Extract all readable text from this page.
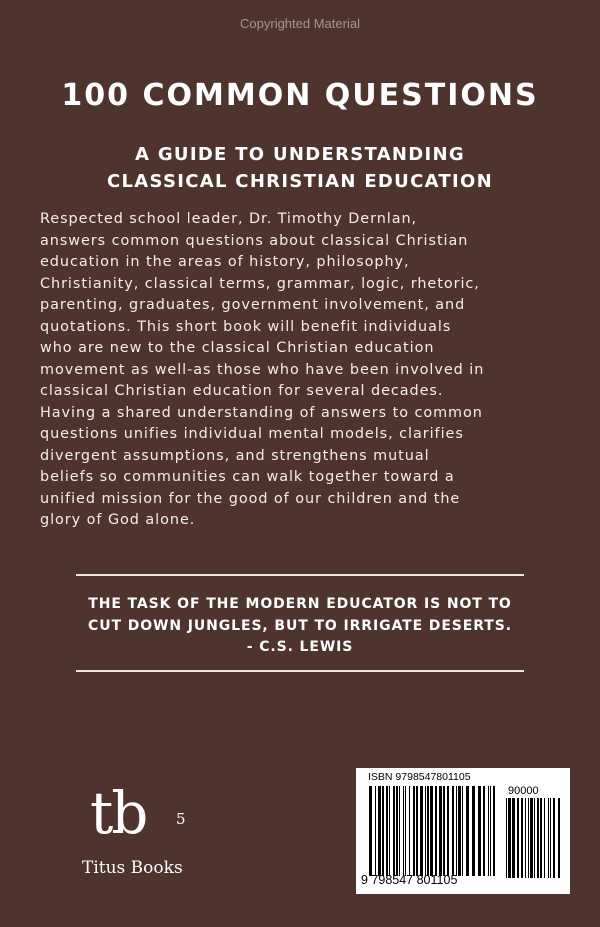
Copyrighted Material
100 COMMON QUESTIONS
A GUIDE TO UNDERSTANDING
CLASSICAL CHRISTIAN EDUCATION
Respected school leader, Dr. Timothy Dernlan,
answers common questions about classical Christian
education in the areas of history, philosophy,
Christianity, classical terms, grammar, logic, rhetoric,
parenting, graduates, government involvement, and
quotations. This short book will benefit individuals
who are new to the classical Christian education
movement as well-as those who have been involved in
classical Christian education for several decades.
Having a shared understanding of answers to common
questions unifies individual mental models, clarifies
divergent assumptions, and strengthens mutual
beliefs so communities can walk together toward a
unified mission for the good of our children and the
glory of God alone.
THE TASK OF THE MODERN EDUCATOR IS NOT TO
CUT DOWN JUNGLES, BUT TO IRRIGATE DESERTS.
- C.S. LEWIS
tb 5
Titus Books
ISBN 9798547801105
90000
9 798547 801105
